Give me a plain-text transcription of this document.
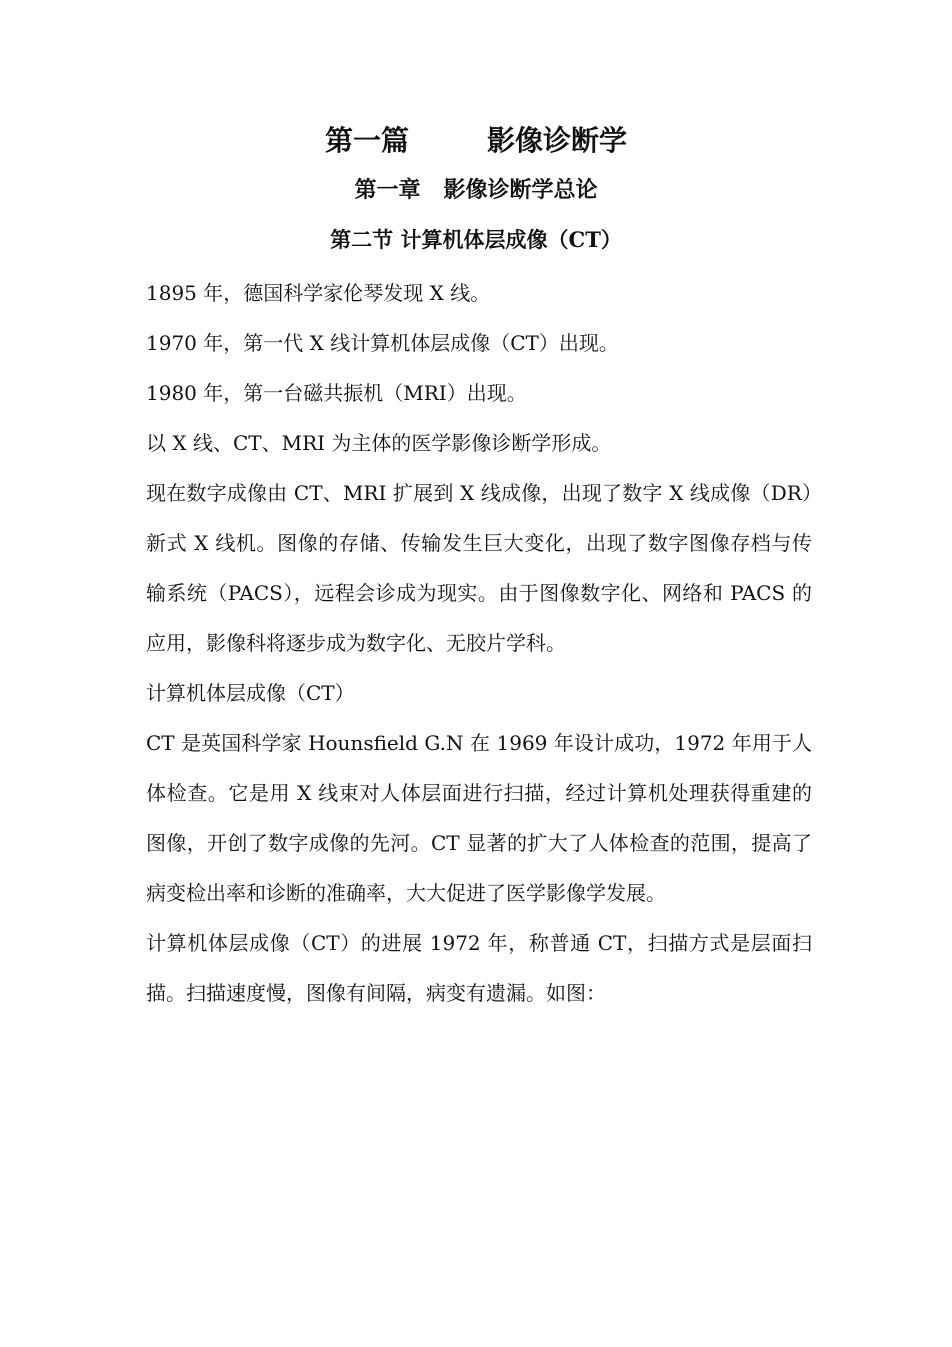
第一篇        影像诊断学
第一章   影像诊断学总论
第二节 计算机体层成像（CT）

1895 年，德国科学家伦琴发现 X 线。

1970 年，第一代 X 线计算机体层成像（CT）出现。

1980 年，第一台磁共振机（MRI）出现。

以 X 线、CT、MRI 为主体的医学影像诊断学形成。

现在数字成像由 CT、MRI 扩展到 X 线成像，出现了数字 X 线成像（DR）新式 X 线机。图像的存储、传输发生巨大变化，出现了数字图像存档与传输系统（PACS），远程会诊成为现实。由于图像数字化、网络和 PACS 的应用，影像科将逐步成为数字化、无胶片学科。

计算机体层成像（CT）

CT 是英国科学家 Hounsfield G.N 在 1969 年设计成功，1972 年用于人体检查。它是用 X 线束对人体层面进行扫描，经过计算机处理获得重建的图像，开创了数字成像的先河。CT 显著的扩大了人体检查的范围，提高了病变检出率和诊断的准确率，大大促进了医学影像学发展。

计算机体层成像（CT）的进展 1972 年，称普通 CT，扫描方式是层面扫描。扫描速度慢，图像有间隔，病变有遗漏。如图：
